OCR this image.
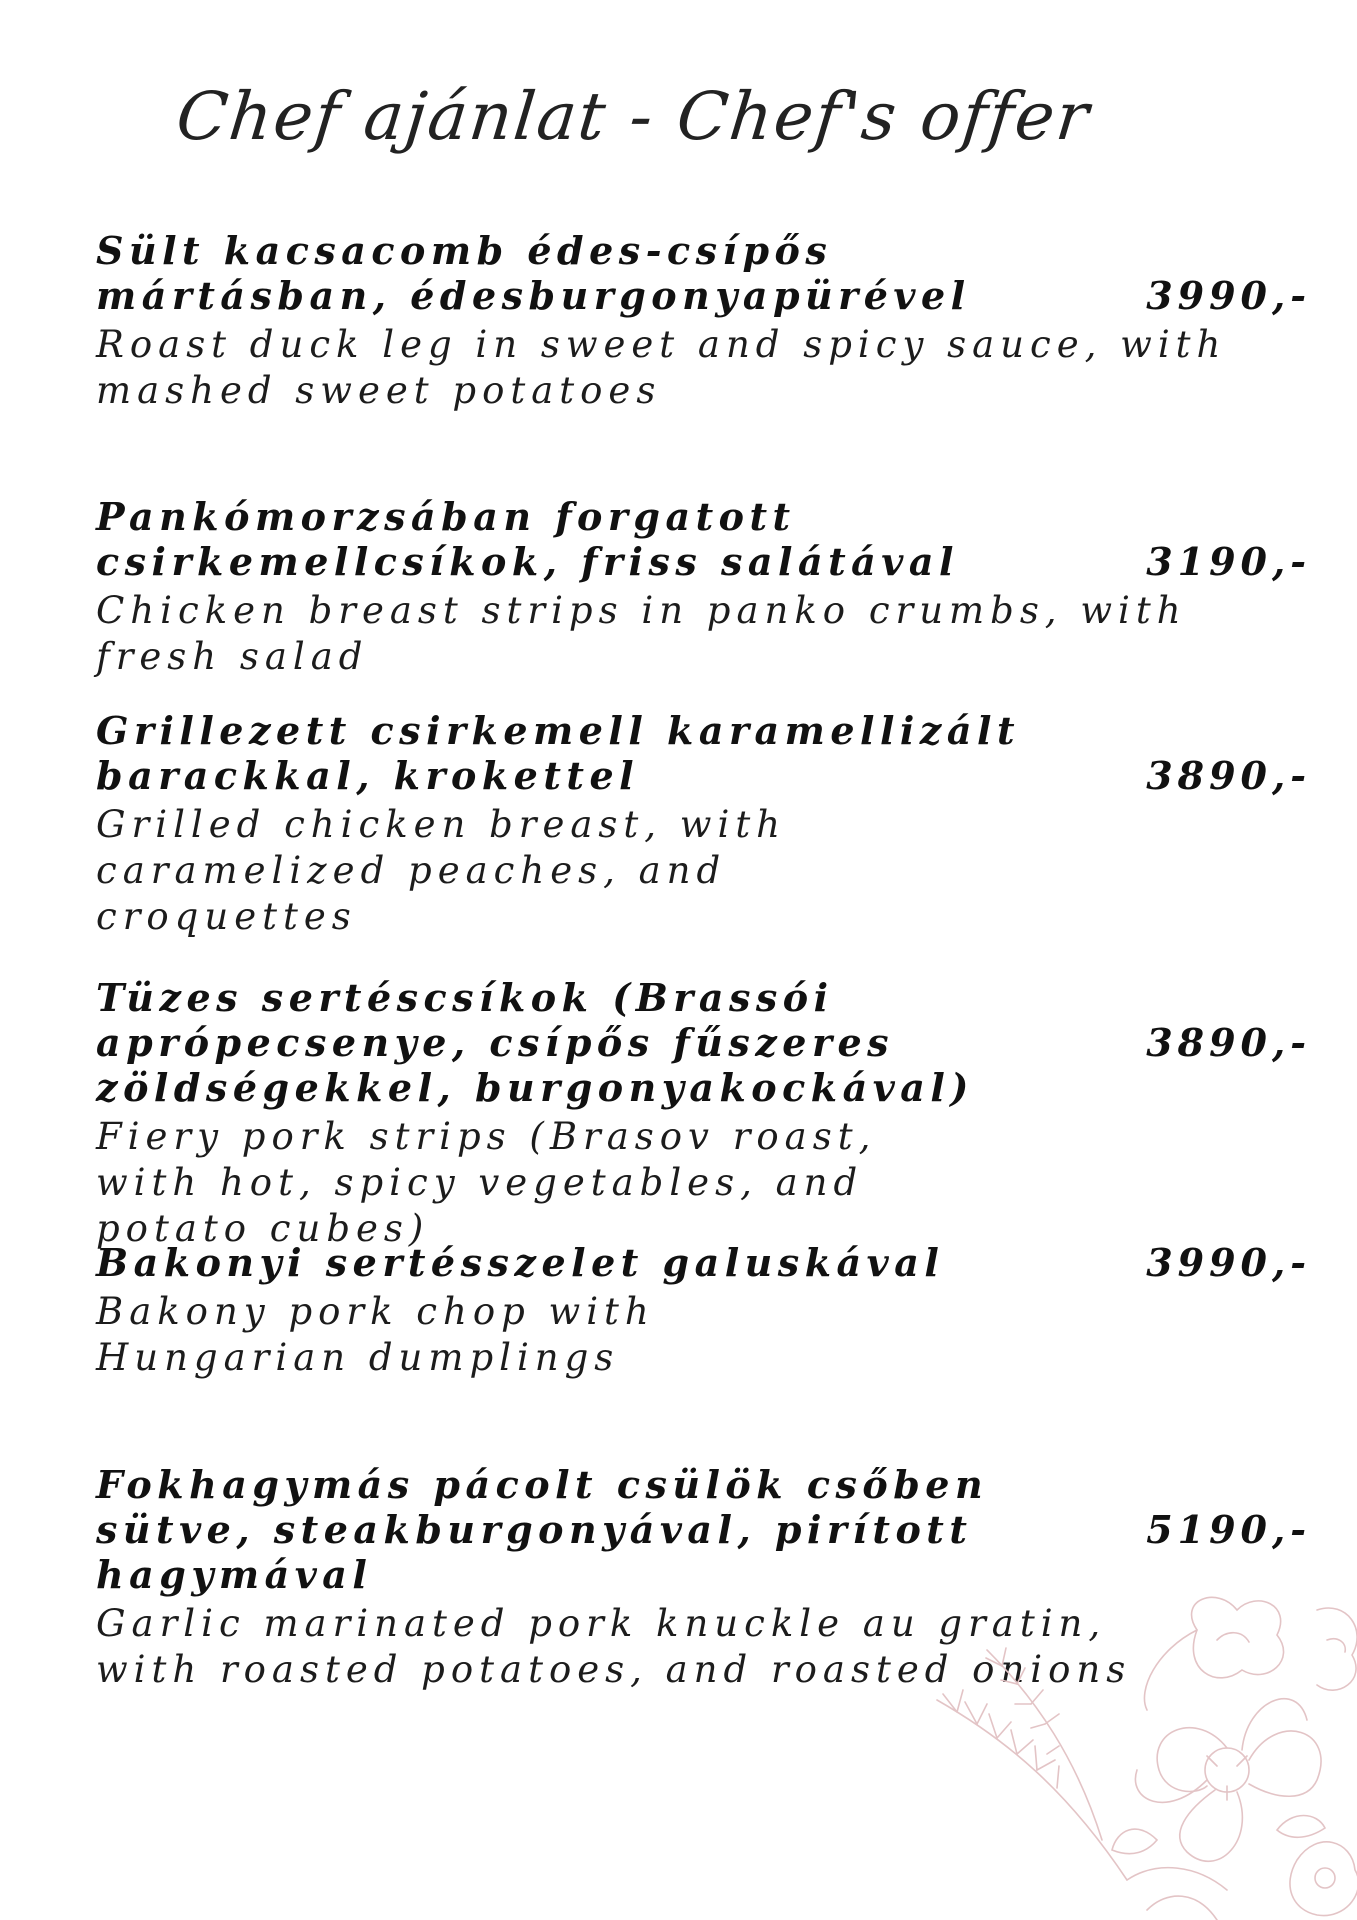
Chef ajánlat - Chef's offer
3990,-

Sült kacsacomb édes-csípős mártásban, édesburgonyapürével

Roast duck leg in sweet and spicy sauce, with mashed sweet potatoes

3190,-

Pankómorzsában forgatott csirkemellcsíkok, friss salátával

Chicken breast strips in panko crumbs, with fresh salad

3890,-

Grillezett csirkemell karamellizált barackkal, krokettel

Grilled chicken breast, with caramelized peaches, and croquettes

3890,-

Tüzes sertéscsíkok (Brassói aprópecsenye, csípős fűszeres zöldségekkel, burgonyakockával)

Fiery pork strips (Brasov roast, with hot, spicy vegetables, and potato cubes)

3990,-

Bakonyi sertésszelet galuskával

Bakony pork chop with Hungarian dumplings

5190,-

Fokhagymás pácolt csülök csőben sütve, steakburgonyával, pirított hagymával

Garlic marinated pork knuckle au gratin, with roasted potatoes, and roasted onions
